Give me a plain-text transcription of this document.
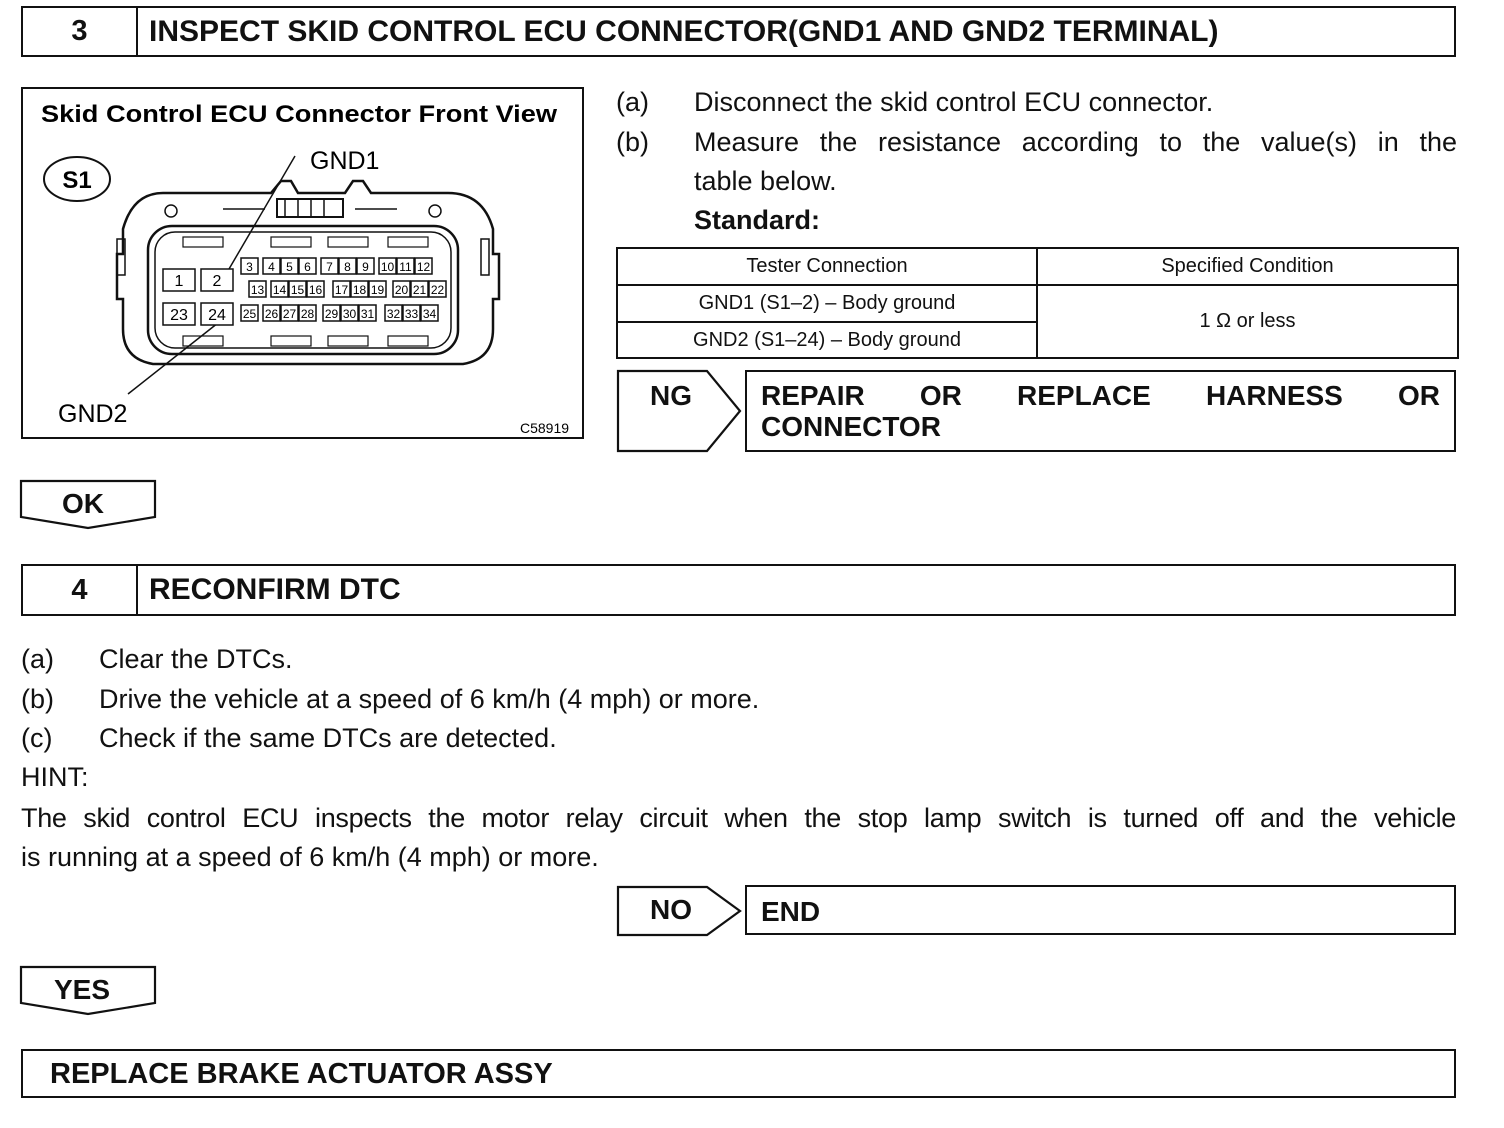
3	INSPECT SKID CONTROL ECU CONNECTOR(GND1 AND GND2 TERMINAL)
Skid Control ECU Connector Front View
S1
GND1
GND2	C58919
1 2
3 4 5 6 7 8 9 10 11 12
13 14 15 16 17 18 19 20 21 22
23 24 25 26 27 28 29 30 31 32 33 34
(a) Disconnect the skid control ECU connector.
(b) Measure the resistance according to the value(s) in the
table below.
Standard:
Tester Connection	Specified Condition
GND1 (S1–2) – Body ground	1 Ω or less
GND2 (S1–24) – Body ground	
NG REPAIR OR REPLACE HARNESS OR
CONNECTOR
OK
4	RECONFIRM DTC
(a) Clear the DTCs.
(b) Drive the vehicle at a speed of 6 km/h (4 mph) or more.
(c) Check if the same DTCs are detected.
HINT:
The skid control ECU inspects the motor relay circuit when the stop lamp switch is turned off and the vehicle
is running at a speed of 6 km/h (4 mph) or more.
NO END
YES
REPLACE BRAKE ACTUATOR ASSY
